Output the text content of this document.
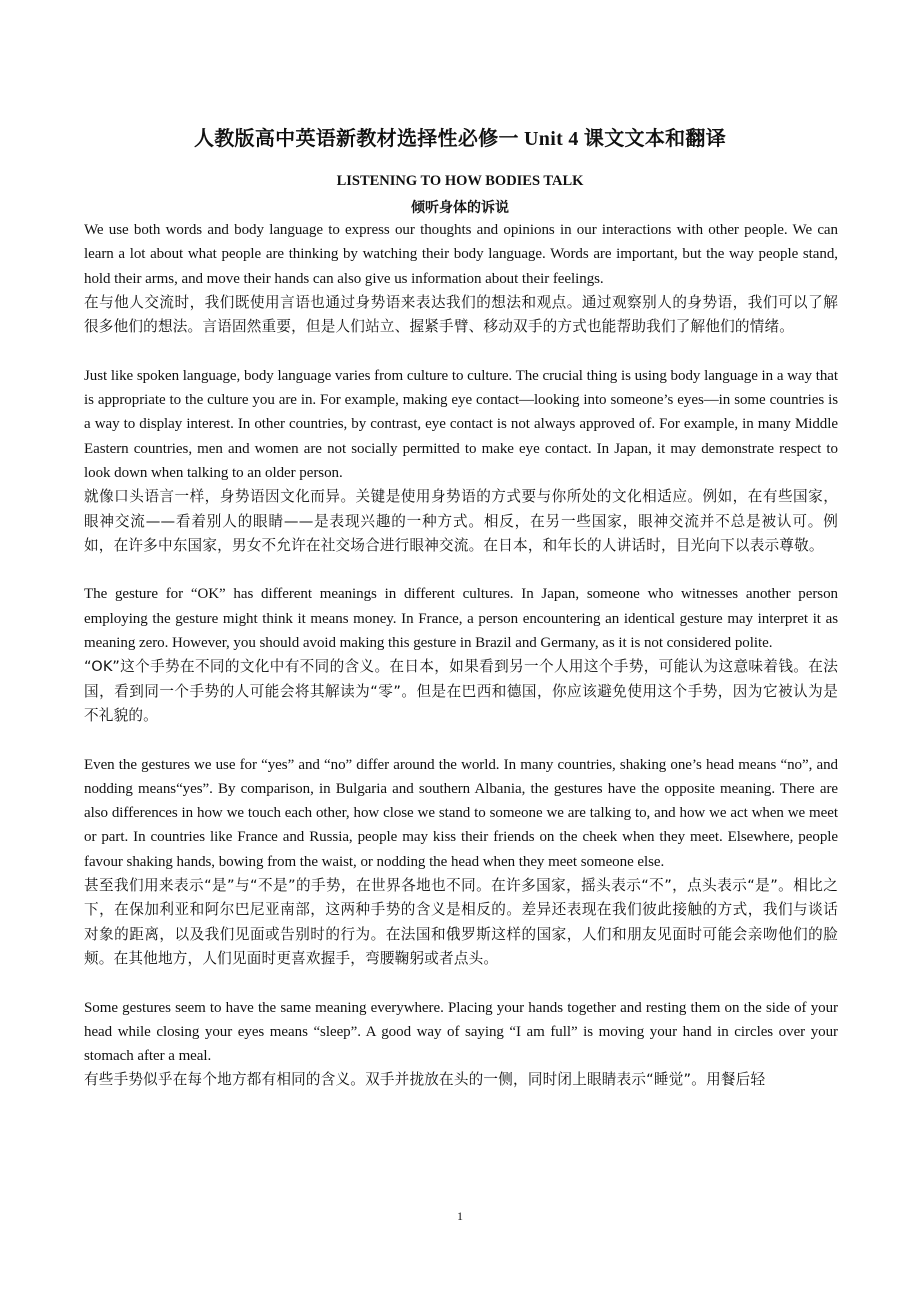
人教版高中英语新教材选择性必修一 Unit 4 课文文本和翻译
LISTENING TO HOW BODIES TALK
倾听身体的诉说

We use both words and body language to express our thoughts and opinions in our interactions with other people. We can learn a lot about what people are thinking by watching their body language. Words are important, but the way people stand, hold their arms, and move their hands can also give us information about their feelings.

在与他人交流时，我们既使用言语也通过身势语来表达我们的想法和观点。通过观察别人的身势语，我们可以了解很多他们的想法。言语固然重要，但是人们站立、握紧手臂、移动双手的方式也能帮助我们了解他们的情绪。

Just like spoken language, body language varies from culture to culture. The crucial thing is using body language in a way that is appropriate to the culture you are in. For example, making eye contact—looking into someone’s eyes—in some countries is a way to display interest. In other countries, by contrast, eye contact is not always approved of. For example, in many Middle Eastern countries, men and women are not socially permitted to make eye contact. In Japan, it may demonstrate respect to look down when talking to an older person.

就像口头语言一样，身势语因文化而异。关键是使用身势语的方式要与你所处的文化相适应。例如，在有些国家，眼神交流——看着别人的眼睛——是表现兴趣的一种方式。相反，在另一些国家，眼神交流并不总是被认可。例如，在许多中东国家，男女不允许在社交场合进行眼神交流。在日本，和年长的人讲话时，目光向下以表示尊敬。

The gesture for “OK” has different meanings in different cultures. In Japan, someone who witnesses another person employing the gesture might think it means money. In France, a person encountering an identical gesture may interpret it as meaning zero. However, you should avoid making this gesture in Brazil and Germany, as it is not considered polite.

“OK”这个手势在不同的文化中有不同的含义。在日本，如果看到另一个人用这个手势，可能认为这意味着钱。在法国，看到同一个手势的人可能会将其解读为“零”。但是在巴西和德国，你应该避免使用这个手势，因为它被认为是不礼貌的。

Even the gestures we use for “yes” and “no” differ around the world. In many countries, shaking one’s head means “no”, and nodding means“yes”. By comparison, in Bulgaria and southern Albania, the gestures have the opposite meaning. There are also differences in how we touch each other, how close we stand to someone we are talking to, and how we act when we meet or part. In countries like France and Russia, people may kiss their friends on the cheek when they meet. Elsewhere, people favour shaking hands, bowing from the waist, or nodding the head when they meet someone else.

甚至我们用来表示“是”与“不是”的手势，在世界各地也不同。在许多国家，摇头表示“不”，点头表示“是”。相比之下，在保加利亚和阿尔巴尼亚南部，这两种手势的含义是相反的。差异还表现在我们彼此接触的方式，我们与谈话对象的距离，以及我们见面或告别时的行为。在法国和俄罗斯这样的国家，人们和朋友见面时可能会亲吻他们的脸颊。在其他地方，人们见面时更喜欢握手，弯腰鞠躬或者点头。

Some gestures seem to have the same meaning everywhere. Placing your hands together and resting them on the side of your head while closing your eyes means “sleep”. A good way of saying “I am full” is moving your hand in circles over your stomach after a meal.

有些手势似乎在每个地方都有相同的含义。双手并拢放在头的一侧，同时闭上眼睛表示“睡觉”。用餐后轻

1
